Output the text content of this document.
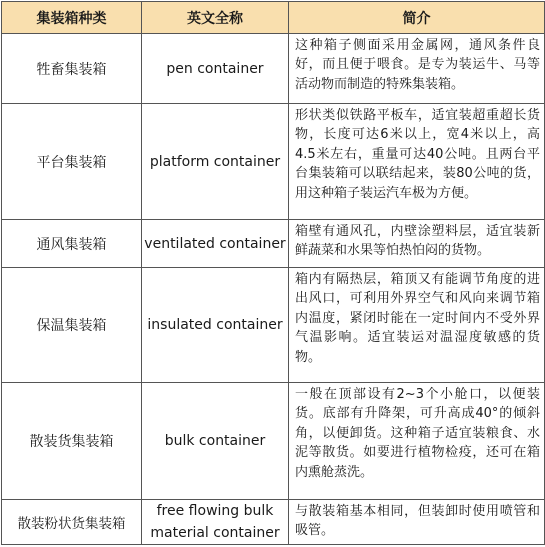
集装箱种类	英文全称	简介
牲畜集装箱	pen container	这种箱子侧面采用金属网，通风条件良好，而且便于喂食。是专为装运牛、马等活动物而制造的特殊集装箱。
平台集装箱	platform container	形状类似铁路平板车，适宜装超重超长货物，长度可达6米以上，宽4米以上，高4.5米左右，重量可达40公吨。且两台平台集装箱可以联结起来，装80公吨的货，用这种箱子装运汽车极为方便。
通风集装箱	ventilated container	箱壁有通风孔，内壁涂塑料层，适宜装新鲜蔬菜和水果等怕热怕闷的货物。
保温集装箱	insulated container	箱内有隔热层，箱顶又有能调节角度的进出风口，可利用外界空气和风向来调节箱内温度，紧闭时能在一定时间内不受外界气温影响。适宜装运对温湿度敏感的货物。
散装货集装箱	bulk container	一般在顶部设有2~3个小舱口，以便装货。底部有升降架，可升高成40°的倾斜角，以便卸货。这种箱子适宜装粮食、水泥等散货。如要进行植物检疫，还可在箱内熏舱蒸洗。
散装粉状货集装箱	free flowing bulk material container	与散装箱基本相同，但装卸时使用喷管和吸管。
